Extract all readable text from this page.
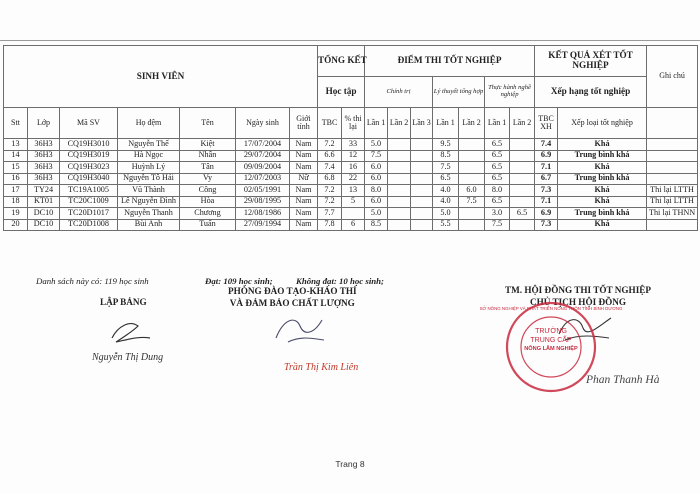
SINH VIÊN							TỔNG KẾT		ĐIỂM THI TỐT NGHIỆP							KẾT QUẢ XÉT TỐT NGHIỆP		Ghi chú
							Học tập		Chính trị			Lý thuyết tổng hợp		Thực hành nghề nghiệp		Xếp hạng tốt nghiệp		
Stt	Lớp	Mã SV	Họ đệm	Tên	Ngày sinh	Giới tính	TBC	% thi lại	Lần 1	Lần 2	Lần 3	Lần 1	Lần 2	Lần 1	Lần 2	TBC XH	Xếp loại tốt nghiệp	
13	36H3	CQ19H3010	Nguyễn Thế	Kiệt	17/07/2004	Nam	7.2	33	5.0			9.5		6.5		7.4	Khá	
14	36H3	CQ19H3019	Hà Ngọc	Nhân	29/07/2004	Nam	6.6	12	7.5			8.5		6.5		6.9	Trung bình khá	
15	36H3	CQ19H3023	Huỳnh Lý	Tân	09/09/2004	Nam	7.4	16	6.0			7.5		6.5		7.1	Khá	
16	36H3	CQ19H3040	Nguyễn Tô Hải	Vy	12/07/2003	Nữ	6.8	22	6.0			6.5		6.5		6.7	Trung bình khá	
17	TY24	TC19A1005	Vũ Thành	Công	02/05/1991	Nam	7.2	13	8.0			4.0	6.0	8.0		7.3	Khá	Thi lại LTTH
18	KT01	TC20C1009	Lê Nguyễn Đình	Hòa	29/08/1995	Nam	7.2	5	6.0			4.0	7.5	6.5		7.1	Khá	Thi lại LTTH
19	DC10	TC20D1017	Nguyễn Thanh	Chương	12/08/1986	Nam	7.7		5.0			5.0		3.0	6.5	6.9	Trung bình khá	Thi lại THNN
20	DC10	TC20D1008	Bùi Anh	Tuấn	27/09/1994	Nam	7.8	6	8.5			5.5		7.5		7.3	Khá	
Danh sách này có: 119 học sinh	Đạt: 109 học sinh;	Không đạt: 10 học sinh;
LẬP BẢNG
Nguyễn Thị Dung
PHÒNG ĐÀO TẠO-KHẢO THÍ
VÀ ĐẢM BẢO CHẤT LƯỢNG
Trần Thị Kim Liên
TM. HỘI ĐỒNG THI TỐT NGHIỆP
CHỦ TỊCH HỘI ĐỒNG
Phan Thanh Hà
SỞ NÔNG NGHIỆP VÀ PHÁT TRIỂN NÔNG THÔN TỈNH BÌNH DƯƠNG
TRƯỜNG
TRUNG CẤP
NÔNG LÂM NGHIỆP
Trang 8
